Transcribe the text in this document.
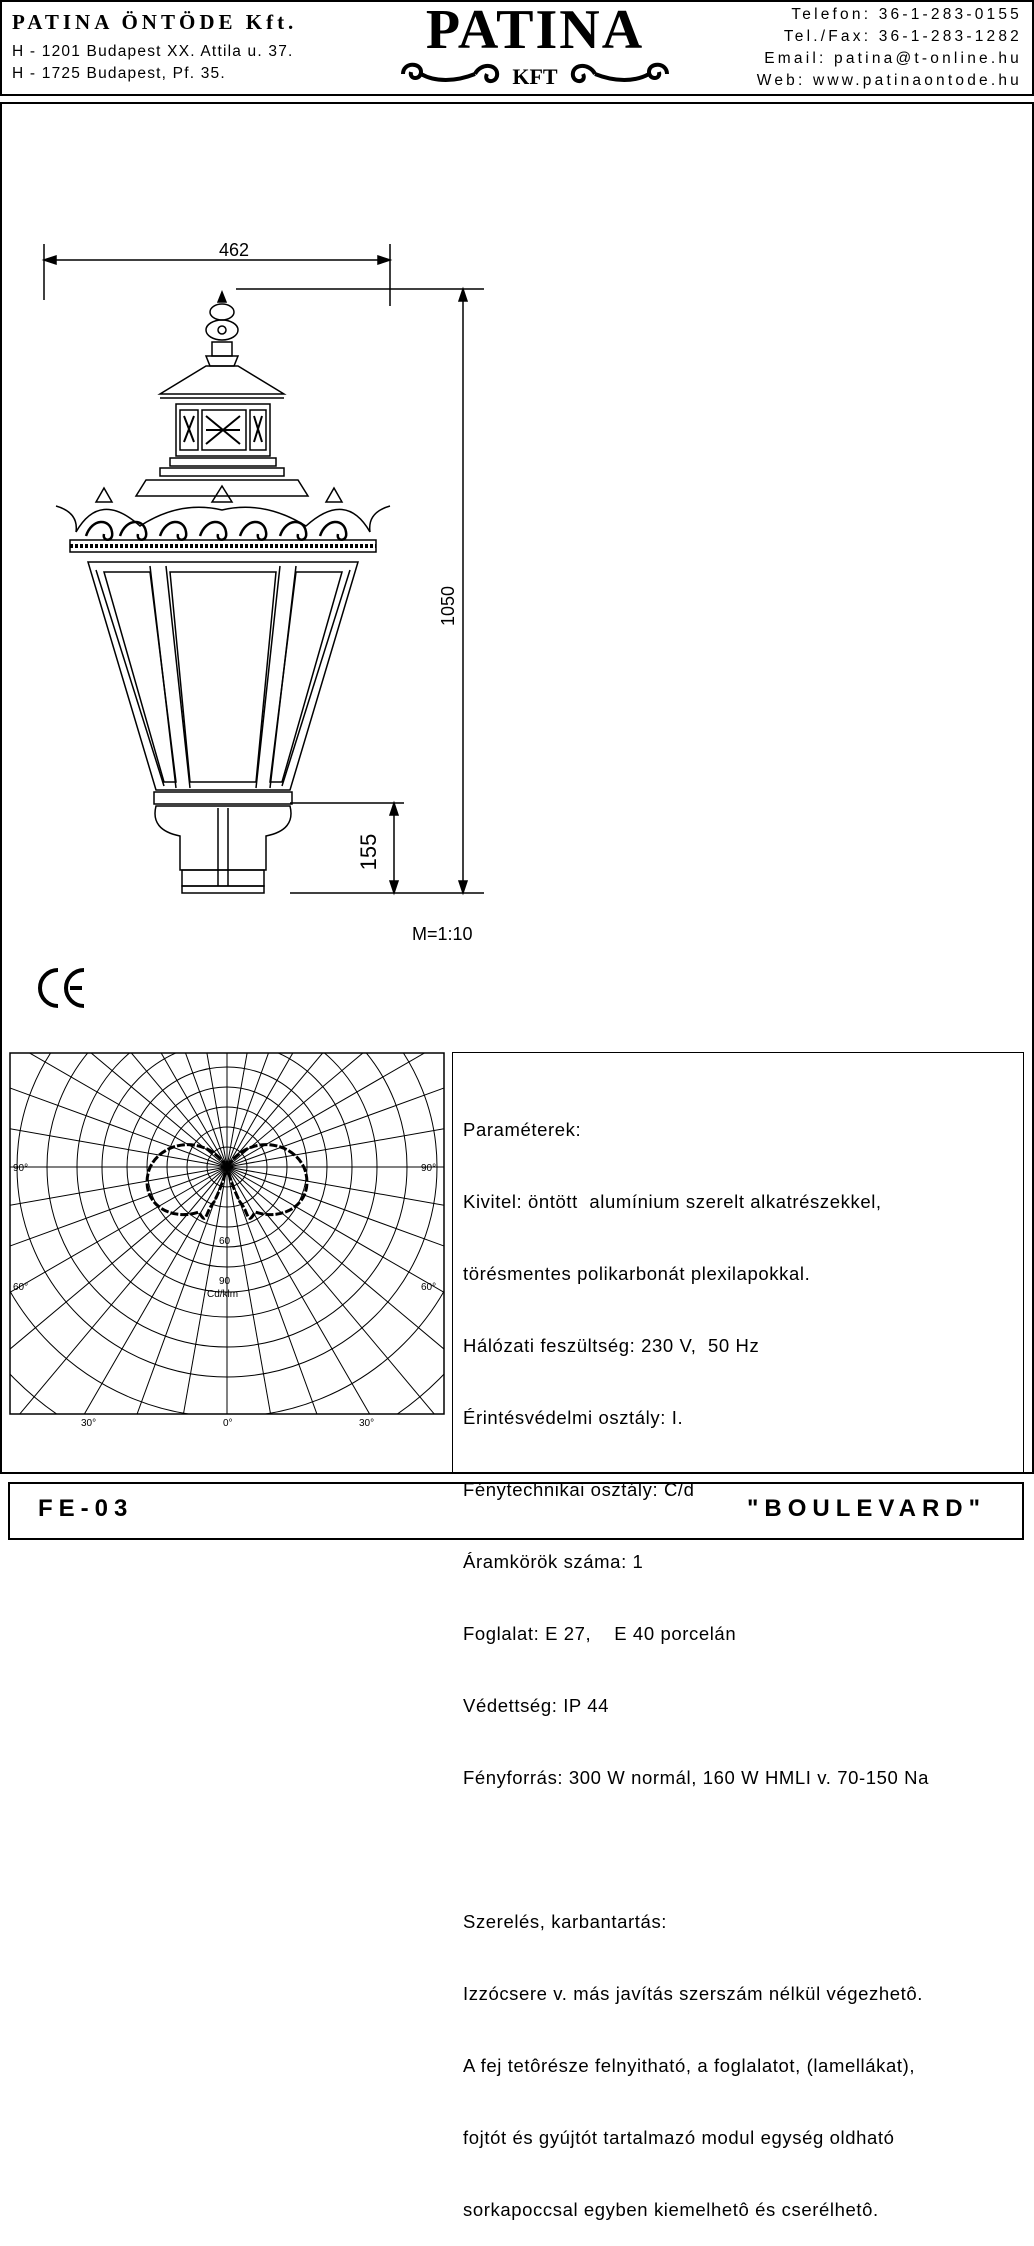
PATINA ÖNTÖDE Kft.
H - 1201 Budapest XX. Attila u. 37.
H - 1725 Budapest, Pf. 35.
PATINA
KFT
Telefon: 36-1-283-0155
Tel./Fax: 36-1-283-1282
Email: patina@t-online.hu
Web: www.patinaontode.hu
462
1050
155
M=1:10
90°	90°
60°	60°
60
90
Cd/klm
30°	0°	30°

Paraméterek:

Kivitel: öntött  alumínium szerelt alkatrészekkel,

törésmentes polikarbonát plexilapokkal.

Hálózati feszültség: 230 V,  50 Hz

Érintésvédelmi osztály: I.

Fénytechnikai osztály: C/d

Áramkörök száma: 1

Foglalat: E 27,    E 40 porcelán

Védettség: IP 44

Fényforrás: 300 W normál, 160 W HMLI v. 70-150 Na

Szerelés, karbantartás:

Izzócsere v. más javítás szerszám nélkül végezhetô.

A fej tetôrésze felnyitható, a foglalatot, (lamellákat),

fojtót és gyújtót tartalmazó modul egység oldható

sorkapoccsal egyben kiemelhetô és cserélhetô.

FE-03	"BOULEVARD"
